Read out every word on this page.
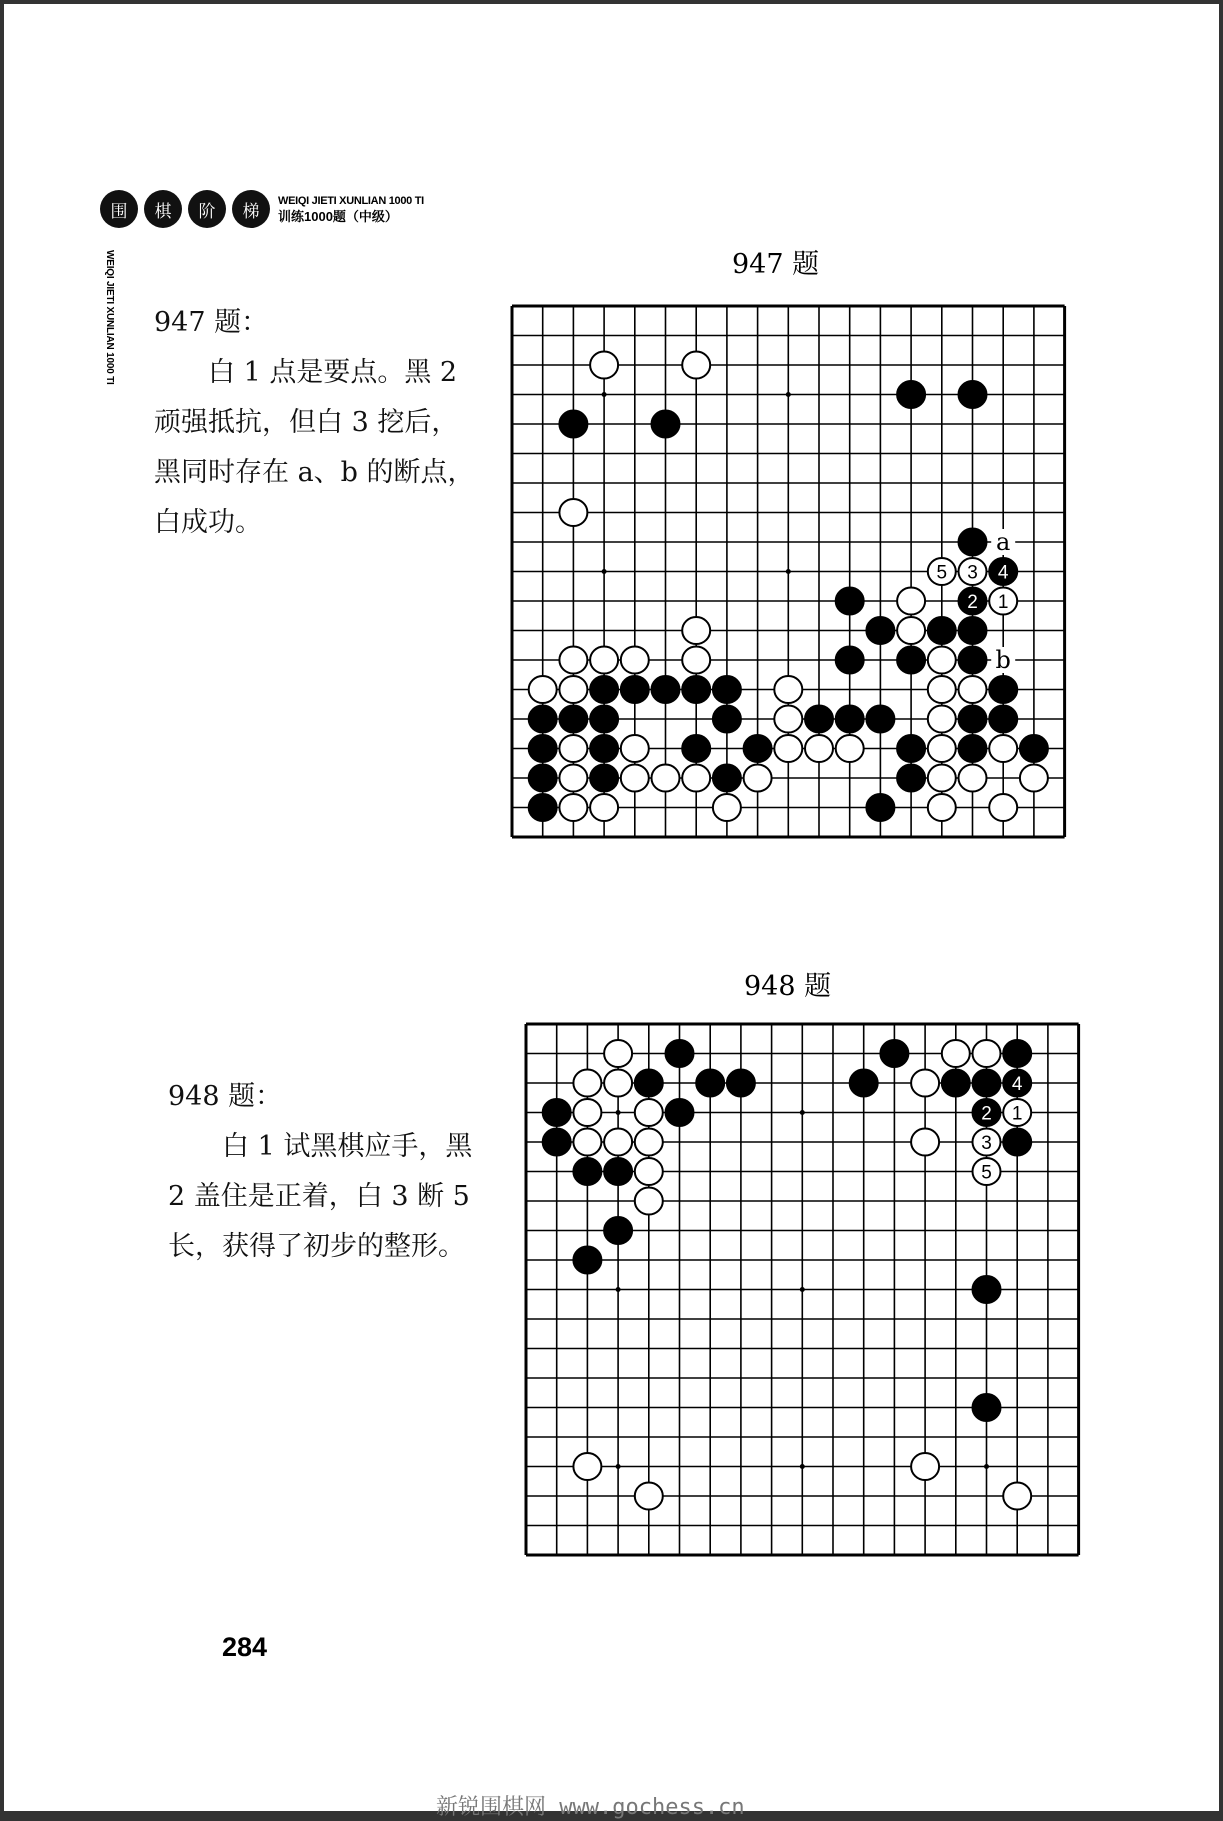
围	棋	阶	梯
WEIQI JIETI XUNLIAN 1000 TI
训练1000题（中级）
WEIQI JIETI XUNLIAN 1000 TI	947 题
947 题：
白 1 点是要点。黑 2 顽强抵抗，但白 3 挖后，黑同时存在 a、b 的断点，白成功。
a
b
5 3 4
2 1
948 题
948 题：
白 1 试黑棋应手，黑 2 盖住是正着，白 3 断 5 长，获得了初步的整形。
4
2 1
3
5
284
新锐围棋网 www.gochess.cn
